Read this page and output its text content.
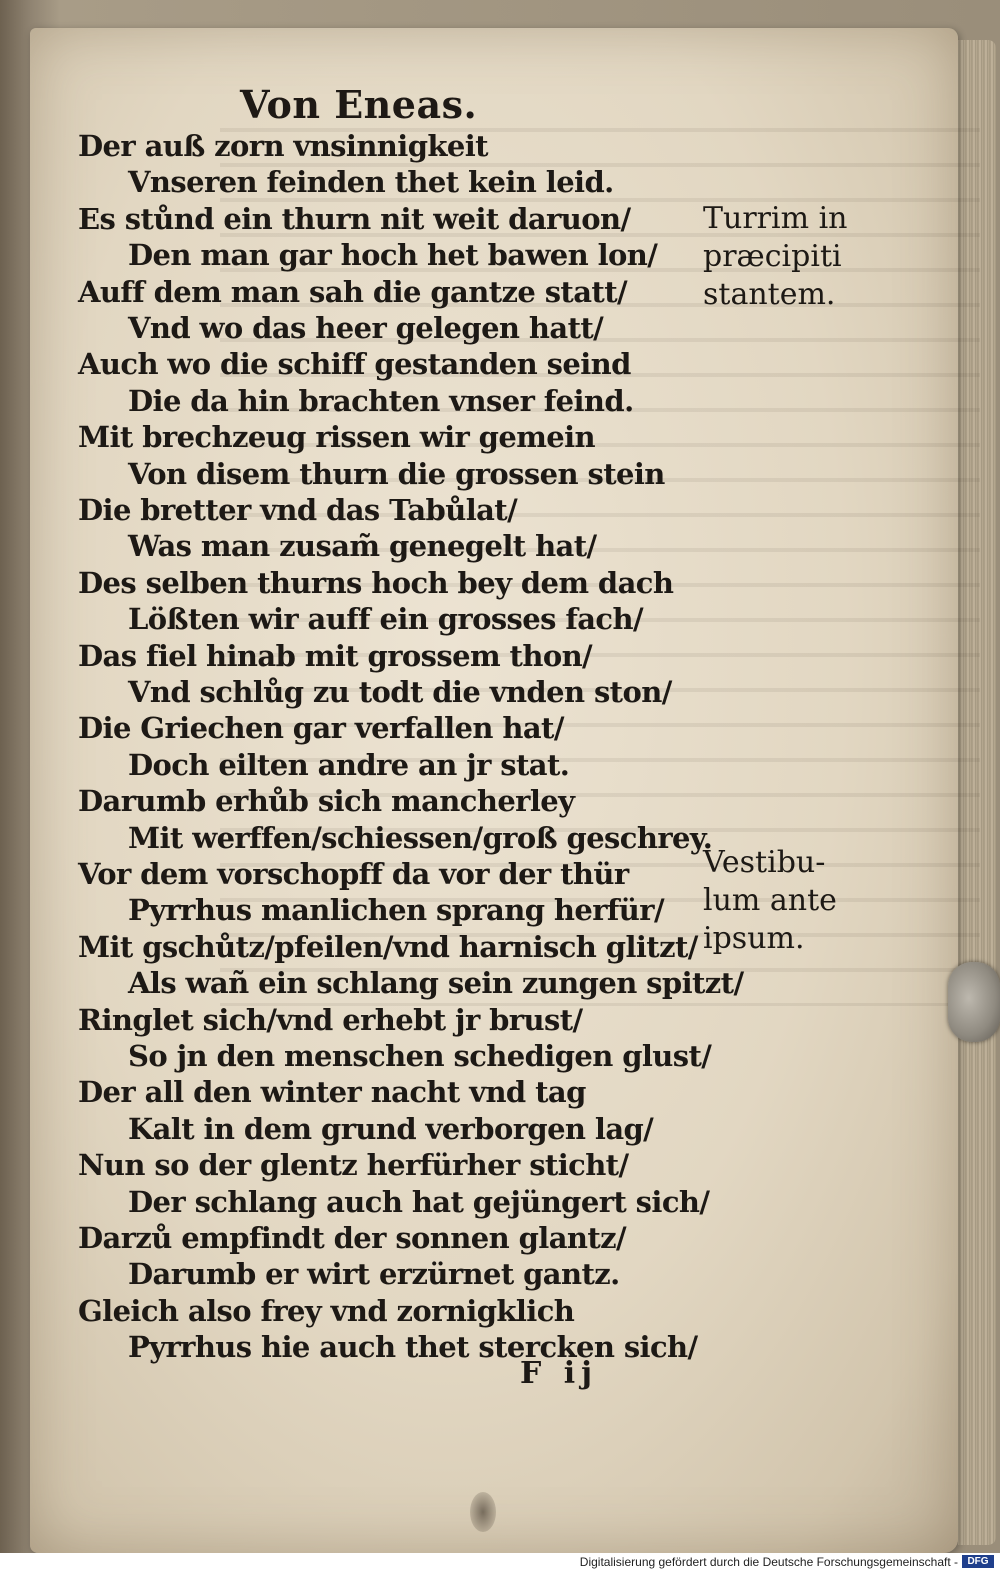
Von Eneas.
Der auß zorn vnsinnigkeit
Vnseren feinden thet kein leid.
Es stůnd ein thurn nit weit daruon/
Den man gar hoch het bawen lon/
Auff dem man sah die gantze statt/
Vnd wo das heer gelegen hatt/
Auch wo die schiff gestanden seind
Die da hin brachten vnser feind.
Mit brechzeug rissen wir gemein
Von disem thurn die grossen stein
Die bretter vnd das Tabůlat/
Was man zusam̃ genegelt hat/
Des selben thurns hoch bey dem dach
Lößten wir auff ein grosses fach/
Das fiel hinab mit grossem thon/
Vnd schlůg zu todt die vnden ston/
Die Griechen gar verfallen hat/
Doch eilten andre an jr stat.
Darumb erhůb sich mancherley
Mit werffen/schiessen/groß geschrey.
Vor dem vorschopff da vor der thür
Pyrrhus manlichen sprang herfür/
Mit gschůtz/pfeilen/vnd harnisch glitzt/
Als wañ ein schlang sein zungen spitzt/
Ringlet sich/vnd erhebt jr brust/
So jn den menschen schedigen glust/
Der all den winter nacht vnd tag
Kalt in dem grund verborgen lag/
Nun so der glentz herfürher sticht/
Der schlang auch hat gejüngert sich/
Darzů empfindt der sonnen glantz/
Darumb er wirt erzürnet gantz.
Gleich also frey vnd zornigklich
Pyrrhus hie auch thet stercken sich/
Turrim in
præcipiti
stantem.
Vestibu-
lum ante
ipsum.
F ij
Digitalisierung gefördert durch die Deutsche Forschungsgemeinschaft - DFG
